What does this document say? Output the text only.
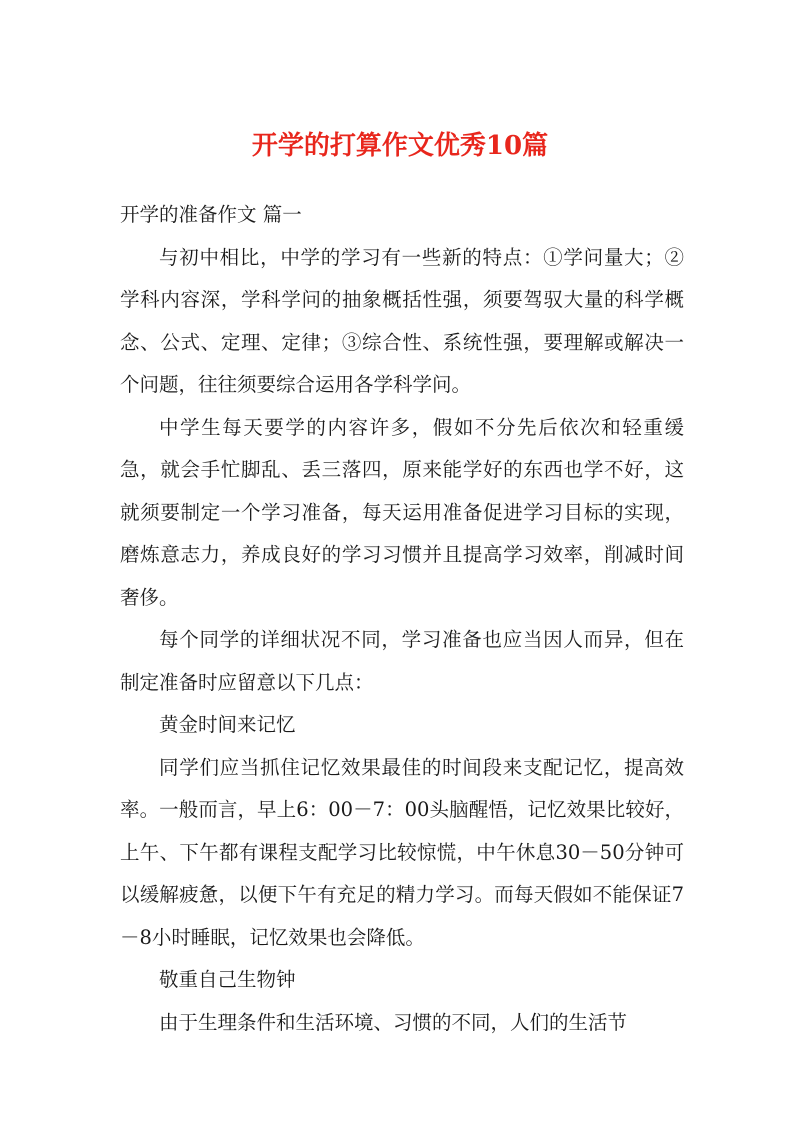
开学的打算作文优秀10篇

开学的准备作文 篇一

与初中相比，中学的学习有一些新的特点：①学问量大；②学科内容深，学科学问的抽象概括性强，须要驾驭大量的科学概念、公式、定理、定律；③综合性、系统性强，要理解或解决一个问题，往往须要综合运用各学科学问。

中学生每天要学的内容许多，假如不分先后依次和轻重缓急，就会手忙脚乱、丢三落四，原来能学好的东西也学不好，这就须要制定一个学习准备，每天运用准备促进学习目标的实现，磨炼意志力，养成良好的学习习惯并且提高学习效率，削减时间奢侈。

每个同学的详细状况不同，学习准备也应当因人而异，但在制定准备时应留意以下几点：

黄金时间来记忆

同学们应当抓住记忆效果最佳的时间段来支配记忆，提高效率。一般而言，早上6：00－7：00头脑醒悟，记忆效果比较好，上午、下午都有课程支配学习比较惊慌，中午休息30－50分钟可以缓解疲惫，以便下午有充足的精力学习。而每天假如不能保证7－8小时睡眠，记忆效果也会降低。

敬重自己生物钟

由于生理条件和生活环境、习惯的不同，人们的生活节
